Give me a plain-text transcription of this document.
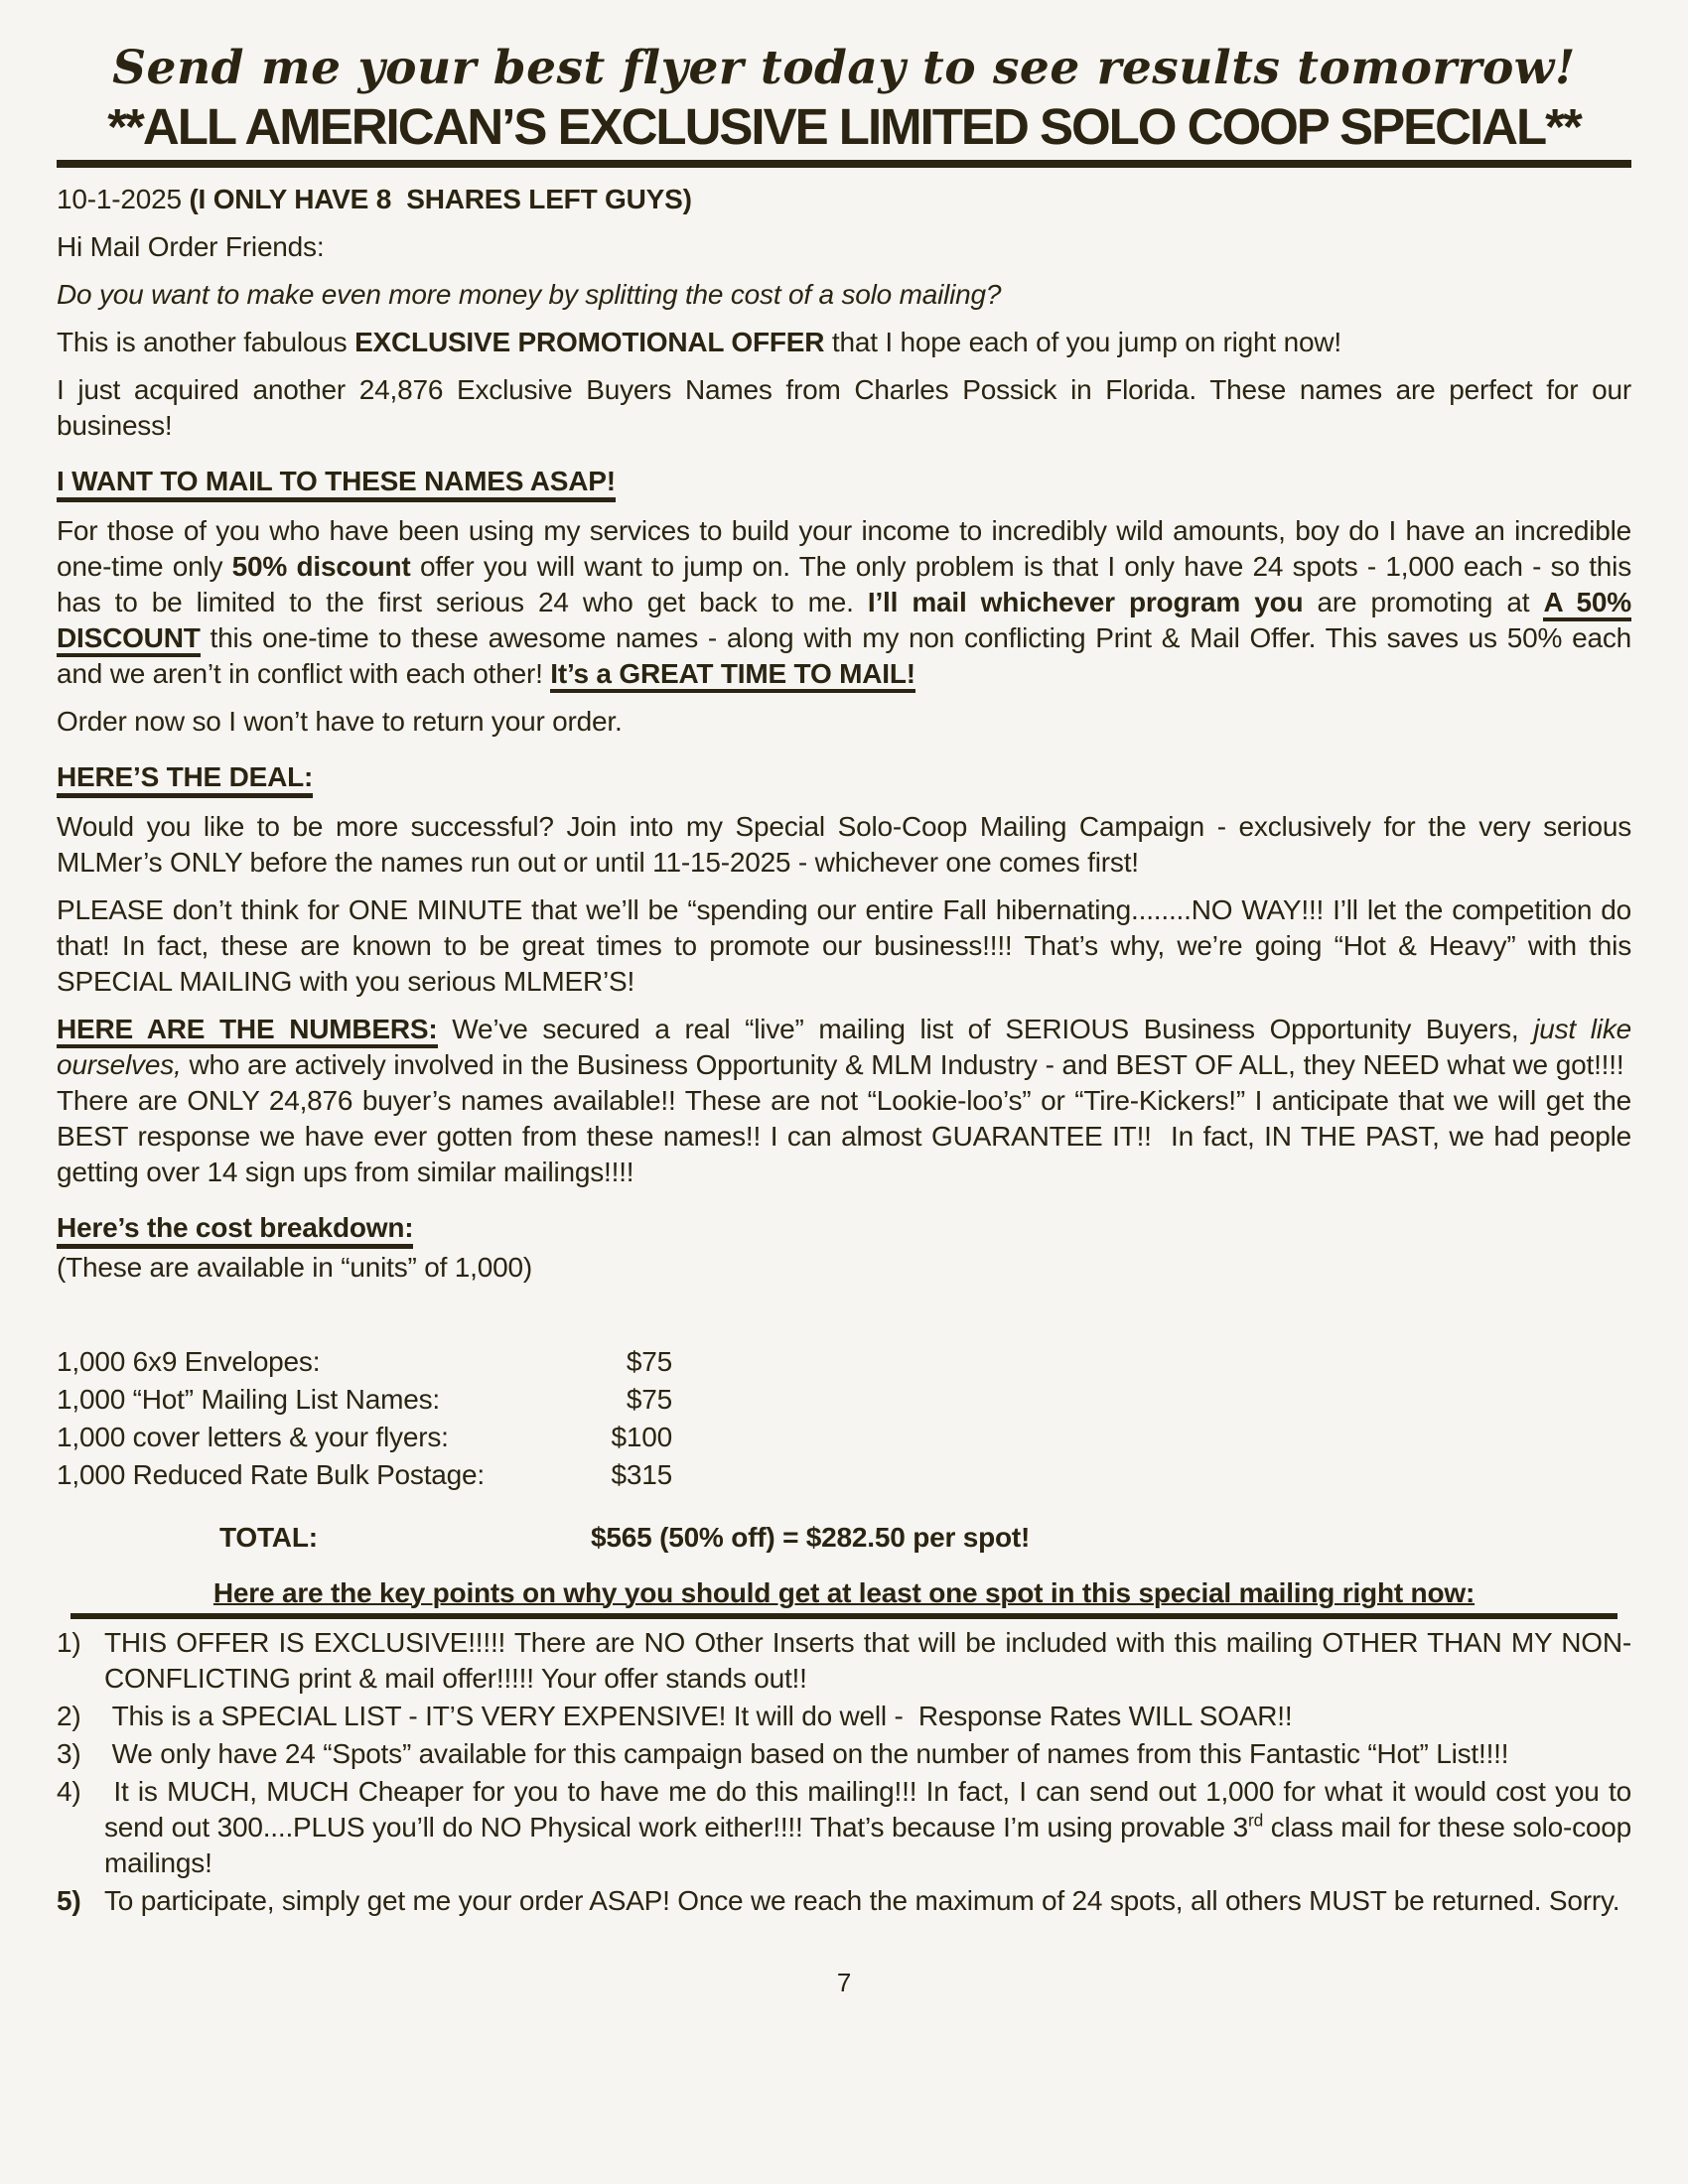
Send me your best flyer today to see results tomorrow!
**ALL AMERICAN’S EXCLUSIVE LIMITED SOLO COOP SPECIAL**

10-1-2025 (I ONLY HAVE 8  SHARES LEFT GUYS)

Hi Mail Order Friends:

Do you want to make even more money by splitting the cost of a solo mailing?

This is another fabulous EXCLUSIVE PROMOTIONAL OFFER that I hope each of you jump on right now!

I just acquired another 24,876 Exclusive Buyers Names from Charles Possick in Florida. These names are perfect for our business!

I WANT TO MAIL TO THESE NAMES ASAP!

For those of you who have been using my services to build your income to incredibly wild amounts, boy do I have an incredible one-time only 50% discount offer you will want to jump on. The only problem is that I only have 24 spots - 1,000 each - so this has to be limited to the first serious 24 who get back to me. I’ll mail whichever program you are promoting at A 50% DISCOUNT this one-time to these awesome names - along with my non conflicting Print & Mail Offer. This saves us 50% each and we aren’t in conflict with each other! It’s a GREAT TIME TO MAIL!

Order now so I won’t have to return your order.

HERE’S THE DEAL:

Would you like to be more successful? Join into my Special Solo-Coop Mailing Campaign - exclusively for the very serious MLMer’s ONLY before the names run out or until 11-15-2025 - whichever one comes first!

PLEASE don’t think for ONE MINUTE that we’ll be “spending our entire Fall hibernating........NO WAY!!! I’ll let the competition do that! In fact, these are known to be great times to promote our business!!!! That’s why, we’re going “Hot & Heavy” with this SPECIAL MAILING with you serious MLMER’S!

HERE ARE THE NUMBERS: We’ve secured a real “live” mailing list of SERIOUS Business Opportunity Buyers, just like ourselves, who are actively involved in the Business Opportunity & MLM Industry - and BEST OF ALL, they NEED what we got!!!!  There are ONLY 24,876 buyer’s names available!! These are not “Lookie-loo’s” or “Tire-Kickers!” I anticipate that we will get the BEST response we have ever gotten from these names!! I can almost GUARANTEE IT!!  In fact, IN THE PAST, we had people getting over 14 sign ups from similar mailings!!!!

Here’s the cost breakdown:

(These are available in “units” of 1,000)

1,000 6x9 Envelopes:	$75
1,000 “Hot” Mailing List Names:	$75
1,000 cover letters & your flyers:	$100
1,000 Reduced Rate Bulk Postage:	$315
TOTAL:	$565 (50% off) = $282.50 per spot!
Here are the key points on why you should get at least one spot in this special mailing right now:
1) THIS OFFER IS EXCLUSIVE!!!!! There are NO Other Inserts that will be included with this mailing OTHER THAN MY NON-CONFLICTING print & mail offer!!!!! Your offer stands out!!
2) This is a SPECIAL LIST - IT’S VERY EXPENSIVE! It will do well -  Response Rates WILL SOAR!!
3) We only have 24 “Spots” available for this campaign based on the number of names from this Fantastic “Hot” List!!!!
4) It is MUCH, MUCH Cheaper for you to have me do this mailing!!! In fact, I can send out 1,000 for what it would cost you to send out 300....PLUS you’ll do NO Physical work either!!!! That’s because I’m using provable 3rd class mail for these solo-coop mailings!
5) To participate, simply get me your order ASAP! Once we reach the maximum of 24 spots, all others MUST be returned. Sorry.
7
